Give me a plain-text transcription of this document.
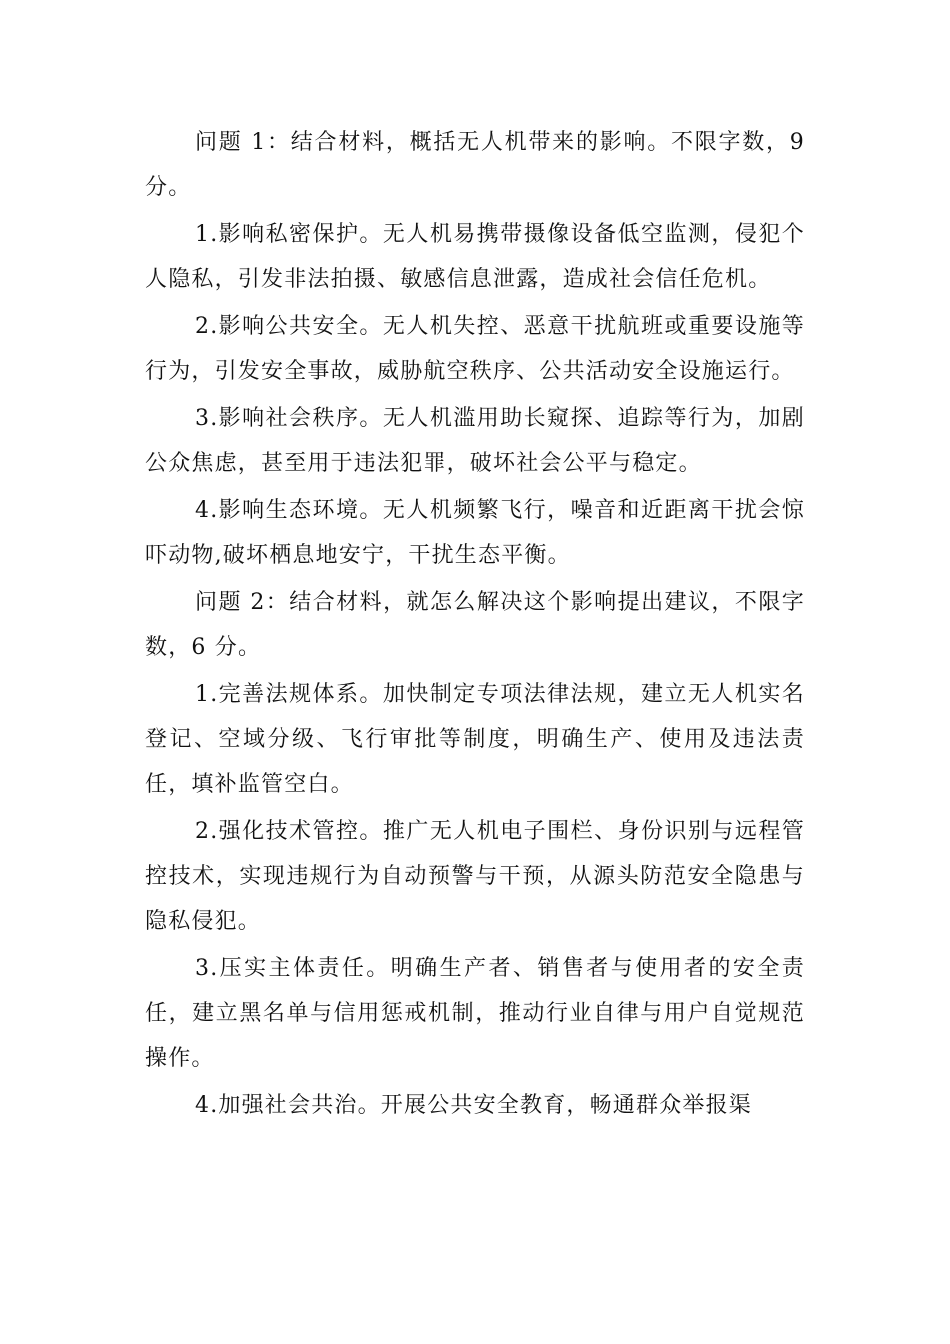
问题 1：结合材料，概括无人机带来的影响。不限字数，9 分。

1.影响私密保护。无人机易携带摄像设备低空监测，侵犯个人隐私，引发非法拍摄、敏感信息泄露，造成社会信任危机。

2.影响公共安全。无人机失控、恶意干扰航班或重要设施等行为，引发安全事故，威胁航空秩序、公共活动安全设施运行。

3.影响社会秩序。无人机滥用助长窥探、追踪等行为，加剧公众焦虑，甚至用于违法犯罪，破坏社会公平与稳定。

4.影响生态环境。无人机频繁飞行，噪音和近距离干扰会惊吓动物,破坏栖息地安宁，干扰生态平衡。

问题 2：结合材料，就怎么解决这个影响提出建议，不限字数，6 分。

1.完善法规体系。加快制定专项法律法规，建立无人机实名登记、空域分级、飞行审批等制度，明确生产、使用及违法责任，填补监管空白。

2.强化技术管控。推广无人机电子围栏、身份识别与远程管控技术，实现违规行为自动预警与干预，从源头防范安全隐患与隐私侵犯。

3.压实主体责任。明确生产者、销售者与使用者的安全责任，建立黑名单与信用惩戒机制，推动行业自律与用户自觉规范操作。

4.加强社会共治。开展公共安全教育，畅通群众举报渠
